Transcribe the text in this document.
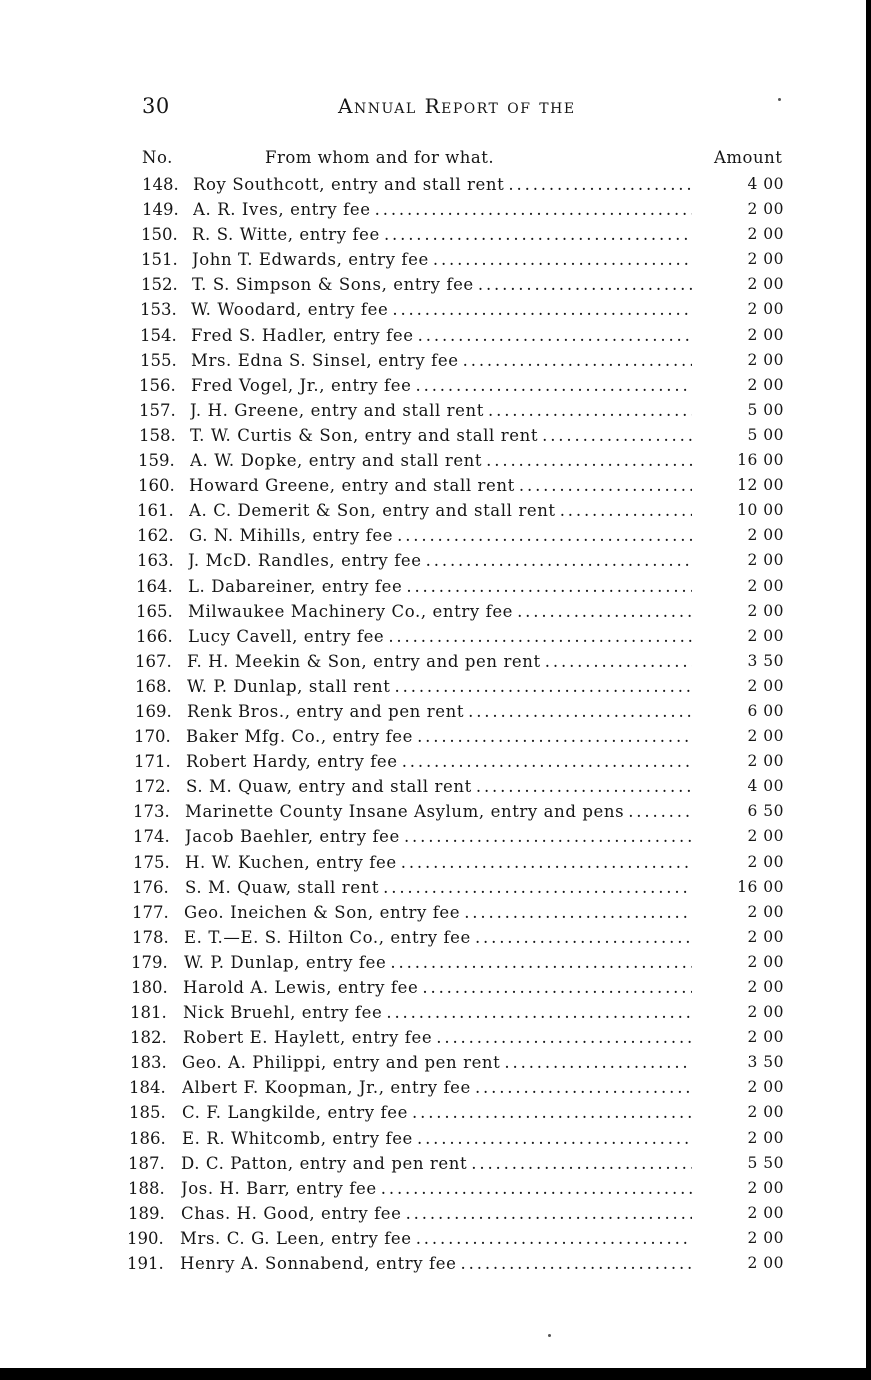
30	Annual Report of the
No.	From whom and for what.	Amount
148. Roy Southcott, entry and stall rent . . .	4 00
149. A. R. Ives, entry fee . . .	2 00
150. R. S. Witte, entry fee . . .	2 00
151. John T. Edwards, entry fee . . .	2 00
152. T. S. Simpson & Sons, entry fee . . .	2 00
153. W. Woodard, entry fee . . .	2 00
154. Fred S. Hadler, entry fee . . .	2 00
155. Mrs. Edna S. Sinsel, entry fee . . .	2 00
156. Fred Vogel, Jr., entry fee . . .	2 00
157. J. H. Greene, entry and stall rent . . .	5 00
158. T. W. Curtis & Son, entry and stall rent . . .	5 00
159. A. W. Dopke, entry and stall rent . . .	16 00
160. Howard Greene, entry and stall rent . . .	12 00
161. A. C. Demerit & Son, entry and stall rent . . .	10 00
162. G. N. Mihills, entry fee . . .	2 00
163. J. McD. Randles, entry fee . . .	2 00
164. L. Dabareiner, entry fee . . .	2 00
165. Milwaukee Machinery Co., entry fee . . .	2 00
166. Lucy Cavell, entry fee . . .	2 00
167. F. H. Meekin & Son, entry and pen rent . . .	3 50
168. W. P. Dunlap, stall rent . . .	2 00
169. Renk Bros., entry and pen rent . . .	6 00
170. Baker Mfg. Co., entry fee . . .	2 00
171. Robert Hardy, entry fee . . .	2 00
172. S. M. Quaw, entry and stall rent . . .	4 00
173. Marinette County Insane Asylum, entry and pens . . .	6 50
174. Jacob Baehler, entry fee . . .	2 00
175. H. W. Kuchen, entry fee . . .	2 00
176. S. M. Quaw, stall rent . . .	16 00
177. Geo. Ineichen & Son, entry fee . . .	2 00
178. E. T.—E. S. Hilton Co., entry fee . . .	2 00
179. W. P. Dunlap, entry fee . . .	2 00
180. Harold A. Lewis, entry fee . . .	2 00
181. Nick Bruehl, entry fee . . .	2 00
182. Robert E. Haylett, entry fee . . .	2 00
183. Geo. A. Philippi, entry and pen rent . . .	3 50
184. Albert F. Koopman, Jr., entry fee . . .	2 00
185. C. F. Langkilde, entry fee . . .	2 00
186. E. R. Whitcomb, entry fee . . .	2 00
187. D. C. Patton, entry and pen rent . . .	5 50
188. Jos. H. Barr, entry fee . . .	2 00
189. Chas. H. Good, entry fee . . .	2 00
190. Mrs. C. G. Leen, entry fee . . .	2 00
191. Henry A. Sonnabend, entry fee . . .	2 00
